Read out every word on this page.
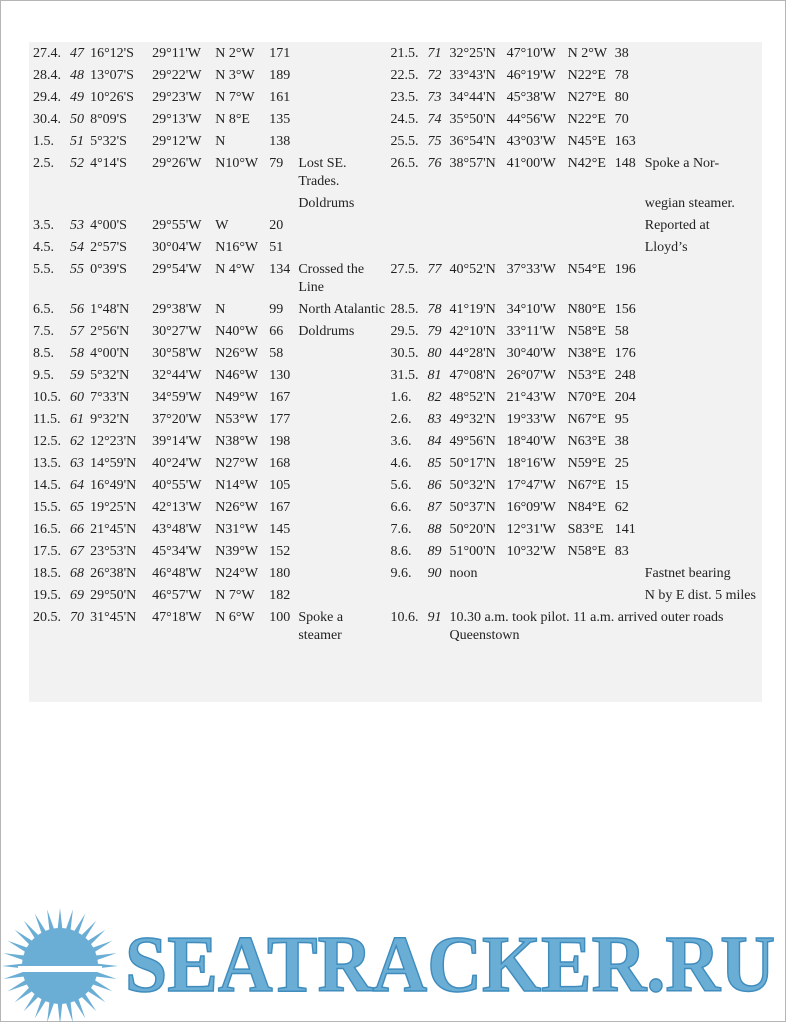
27.4.	47	16°12'S	29°11'W	N 2°W	171		21.5.	71	32°25'N	47°10'W	N 2°W	38	
28.4.	48	13°07'S	29°22'W	N 3°W	189		22.5.	72	33°43'N	46°19'W	N22°E	78	
29.4.	49	10°26'S	29°23'W	N 7°W	161		23.5.	73	34°44'N	45°38'W	N27°E	80	
30.4.	50	8°09'S	29°13'W	N 8°E	135		24.5.	74	35°50'N	44°56'W	N22°E	70	
1.5.	51	5°32'S	29°12'W	N	138		25.5.	75	36°54'N	43°03'W	N45°E	163	
2.5.	52	4°14'S	29°26'W	N10°W	79	Lost SE. Trades.	26.5.	76	38°57'N	41°00'W	N42°E	148	Spoke a Nor-
						Doldrums							wegian steamer.
3.5.	53	4°00'S	29°55'W	W	20								Reported at
4.5.	54	2°57'S	30°04'W	N16°W	51								Lloyd’s
5.5.	55	0°39'S	29°54'W	N 4°W	134	Crossed the Line	27.5.	77	40°52'N	37°33'W	N54°E	196	
6.5.	56	1°48'N	29°38'W	N	99	North Atalantic	28.5.	78	41°19'N	34°10'W	N80°E	156	
7.5.	57	2°56'N	30°27'W	N40°W	66	Doldrums	29.5.	79	42°10'N	33°11'W	N58°E	58	
8.5.	58	4°00'N	30°58'W	N26°W	58		30.5.	80	44°28'N	30°40'W	N38°E	176	
9.5.	59	5°32'N	32°44'W	N46°W	130		31.5.	81	47°08'N	26°07'W	N53°E	248	
10.5.	60	7°33'N	34°59'W	N49°W	167		1.6.	82	48°52'N	21°43'W	N70°E	204	
11.5.	61	9°32'N	37°20'W	N53°W	177		2.6.	83	49°32'N	19°33'W	N67°E	95	
12.5.	62	12°23'N	39°14'W	N38°W	198		3.6.	84	49°56'N	18°40'W	N63°E	38	
13.5.	63	14°59'N	40°24'W	N27°W	168		4.6.	85	50°17'N	18°16'W	N59°E	25	
14.5.	64	16°49'N	40°55'W	N14°W	105		5.6.	86	50°32'N	17°47'W	N67°E	15	
15.5.	65	19°25'N	42°13'W	N26°W	167		6.6.	87	50°37'N	16°09'W	N84°E	62	
16.5.	66	21°45'N	43°48'W	N31°W	145		7.6.	88	50°20'N	12°31'W	S83°E	141	
17.5.	67	23°53'N	45°34'W	N39°W	152		8.6.	89	51°00'N	10°32'W	N58°E	83	
18.5.	68	26°38'N	46°48'W	N24°W	180		9.6.	90	noon				Fastnet bearing
19.5.	69	29°50'N	46°57'W	N 7°W	182								N by E dist. 5 miles
20.5.	70	31°45'N	47°18'W	N 6°W	100	Spoke a steamer	10.6.	91	10.30 a.m. took pilot. 11 a.m. arrived outer roads Queenstown				
SEATRACKER.RU
